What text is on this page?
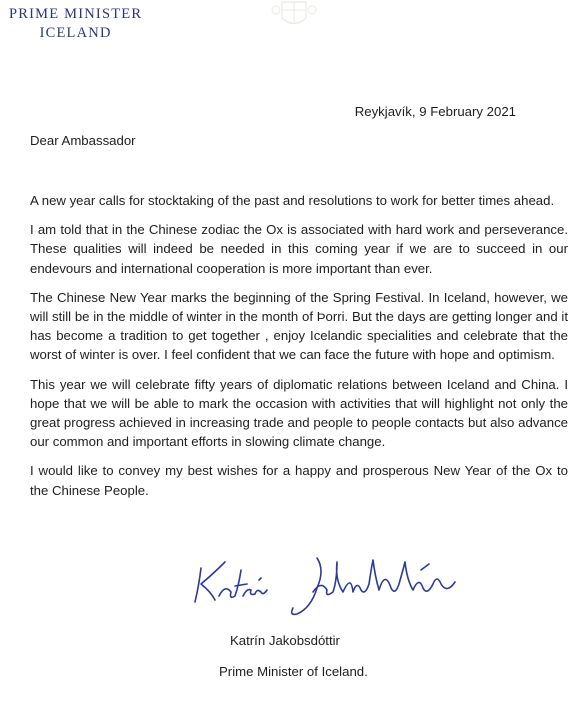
PRIME MINISTER
ICELAND
Reykjavík, 9 February 2021
Dear Ambassador

A new year calls for stocktaking of the past and resolutions to work for better times ahead.

I am told that in the Chinese zodiac the Ox is associated with hard work and perseverance. These qualities will indeed be needed in this coming year if we are to succeed in our endevours and international cooperation is more important than ever.

The Chinese New Year marks the beginning of the Spring Festival. In Iceland, however, we will still be in the middle of winter in the month of Þorri. But the days are getting longer and it has become a tradition to get together , enjoy Icelandic specialities and celebrate that the worst of winter is over. I feel confident that we can face the future with hope and optimism.

This year we will celebrate fifty years of diplomatic relations between Iceland and China. I hope that we will be able to mark the occasion with activities that will highlight not only the great progress achieved in increasing trade and people to people contacts but also advance our common and important efforts in slowing climate change.

I would like to convey my best wishes for a happy and prosperous New Year of the Ox to the Chinese People.

Katrín Jakobsdóttir
Prime Minister of Iceland.
